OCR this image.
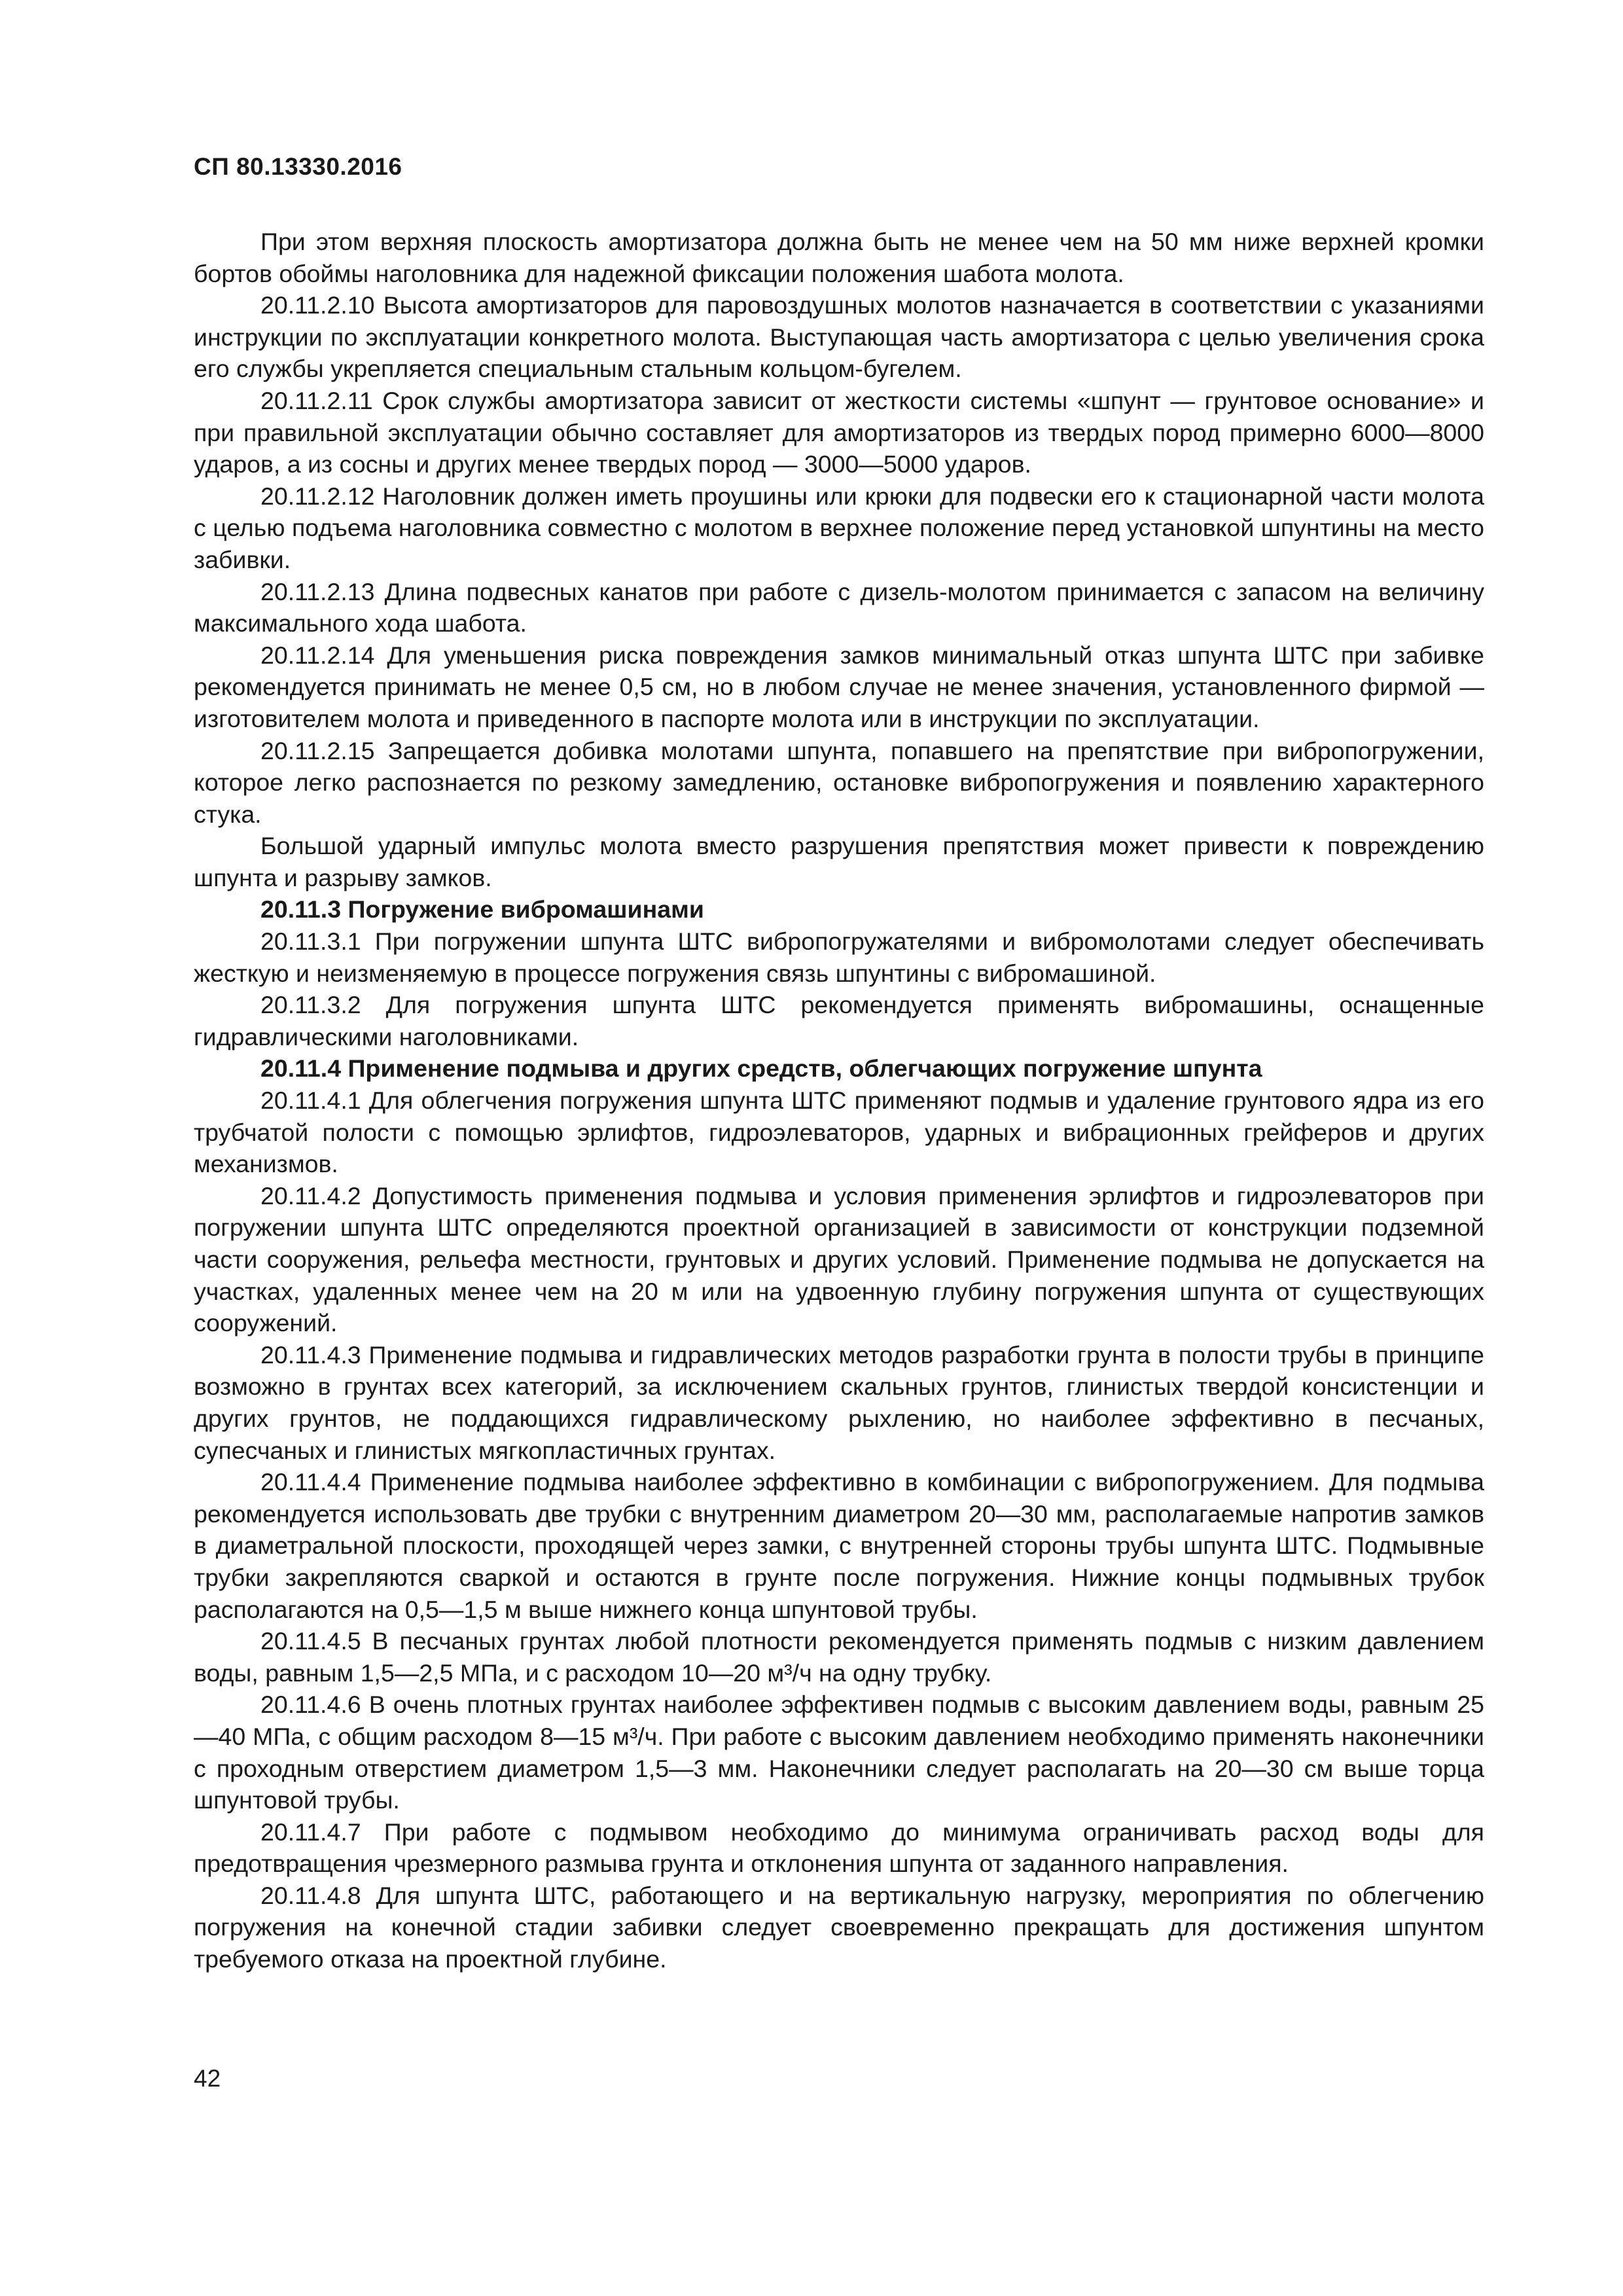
СП 80.13330.2016

При этом верхняя плоскость амортизатора должна быть не менее чем на 50 мм ниже верхней кромки бортов обоймы наголовника для надежной фиксации положения шабота молота.

20.11.2.10 Высота амортизаторов для паровоздушных молотов назначается в соответствии с указаниями инструкции по эксплуатации конкретного молота. Выступающая часть амортизатора с целью увеличения срока его службы укрепляется специальным стальным кольцом-бугелем.

20.11.2.11 Срок службы амортизатора зависит от жесткости системы «шпунт — грунтовое основание» и при правильной эксплуатации обычно составляет для амортизаторов из твердых пород примерно 6000—8000 ударов, а из сосны и других менее твердых пород — 3000—5000 ударов.

20.11.2.12 Наголовник должен иметь проушины или крюки для подвески его к стационарной части молота с целью подъема наголовника совместно с молотом в верхнее положение перед установкой шпунтины на место забивки.

20.11.2.13 Длина подвесных канатов при работе с дизель-молотом принимается с запасом на величину максимального хода шабота.

20.11.2.14 Для уменьшения риска повреждения замков минимальный отказ шпунта ШТС при забивке рекомендуется принимать не менее 0,5 см, но в любом случае не менее значения, установленного фирмой — изготовителем молота и приведенного в паспорте молота или в инструкции по эксплуатации.

20.11.2.15 Запрещается добивка молотами шпунта, попавшего на препятствие при вибропогружении, которое легко распознается по резкому замедлению, остановке вибропогружения и появлению характерного стука.

Большой ударный импульс молота вместо разрушения препятствия может привести к повреждению шпунта и разрыву замков.

20.11.3 Погружение вибромашинами

20.11.3.1 При погружении шпунта ШТС вибропогружателями и вибромолотами следует обеспечивать жесткую и неизменяемую в процессе погружения связь шпунтины с вибромашиной.

20.11.3.2 Для погружения шпунта ШТС рекомендуется применять вибромашины, оснащенные гидравлическими наголовниками.

20.11.4 Применение подмыва и других средств, облегчающих погружение шпунта

20.11.4.1 Для облегчения погружения шпунта ШТС применяют подмыв и удаление грунтового ядра из его трубчатой полости с помощью эрлифтов, гидроэлеваторов, ударных и вибрационных грейферов и других механизмов.

20.11.4.2 Допустимость применения подмыва и условия применения эрлифтов и гидроэлеваторов при погружении шпунта ШТС определяются проектной организацией в зависимости от конструкции подземной части сооружения, рельефа местности, грунтовых и других условий. Применение подмыва не допускается на участках, удаленных менее чем на 20 м или на удвоенную глубину погружения шпунта от существующих сооружений.

20.11.4.3 Применение подмыва и гидравлических методов разработки грунта в полости трубы в принципе возможно в грунтах всех категорий, за исключением скальных грунтов, глинистых твердой консистенции и других грунтов, не поддающихся гидравлическому рыхлению, но наиболее эффективно в песчаных, супесчаных и глинистых мягкопластичных грунтах.

20.11.4.4 Применение подмыва наиболее эффективно в комбинации с вибропогружением. Для подмыва рекомендуется использовать две трубки с внутренним диаметром 20—30 мм, располагаемые напротив замков в диаметральной плоскости, проходящей через замки, с внутренней стороны трубы шпунта ШТС. Подмывные трубки закрепляются сваркой и остаются в грунте после погружения. Нижние концы подмывных трубок располагаются на 0,5—1,5 м выше нижнего конца шпунтовой трубы.

20.11.4.5 В песчаных грунтах любой плотности рекомендуется применять подмыв с низким давлением воды, равным 1,5—2,5 МПа, и с расходом 10—20 м³/ч на одну трубку.

20.11.4.6 В очень плотных грунтах наиболее эффективен подмыв с высоким давлением воды, равным 25—40 МПа, с общим расходом 8—15 м³/ч. При работе с высоким давлением необходимо применять наконечники с проходным отверстием диаметром 1,5—3 мм. Наконечники следует располагать на 20—30 см выше торца шпунтовой трубы.

20.11.4.7 При работе с подмывом необходимо до минимума ограничивать расход воды для предотвращения чрезмерного размыва грунта и отклонения шпунта от заданного направления.

20.11.4.8 Для шпунта ШТС, работающего и на вертикальную нагрузку, мероприятия по облегчению погружения на конечной стадии забивки следует своевременно прекращать для достижения шпунтом требуемого отказа на проектной глубине.

42
